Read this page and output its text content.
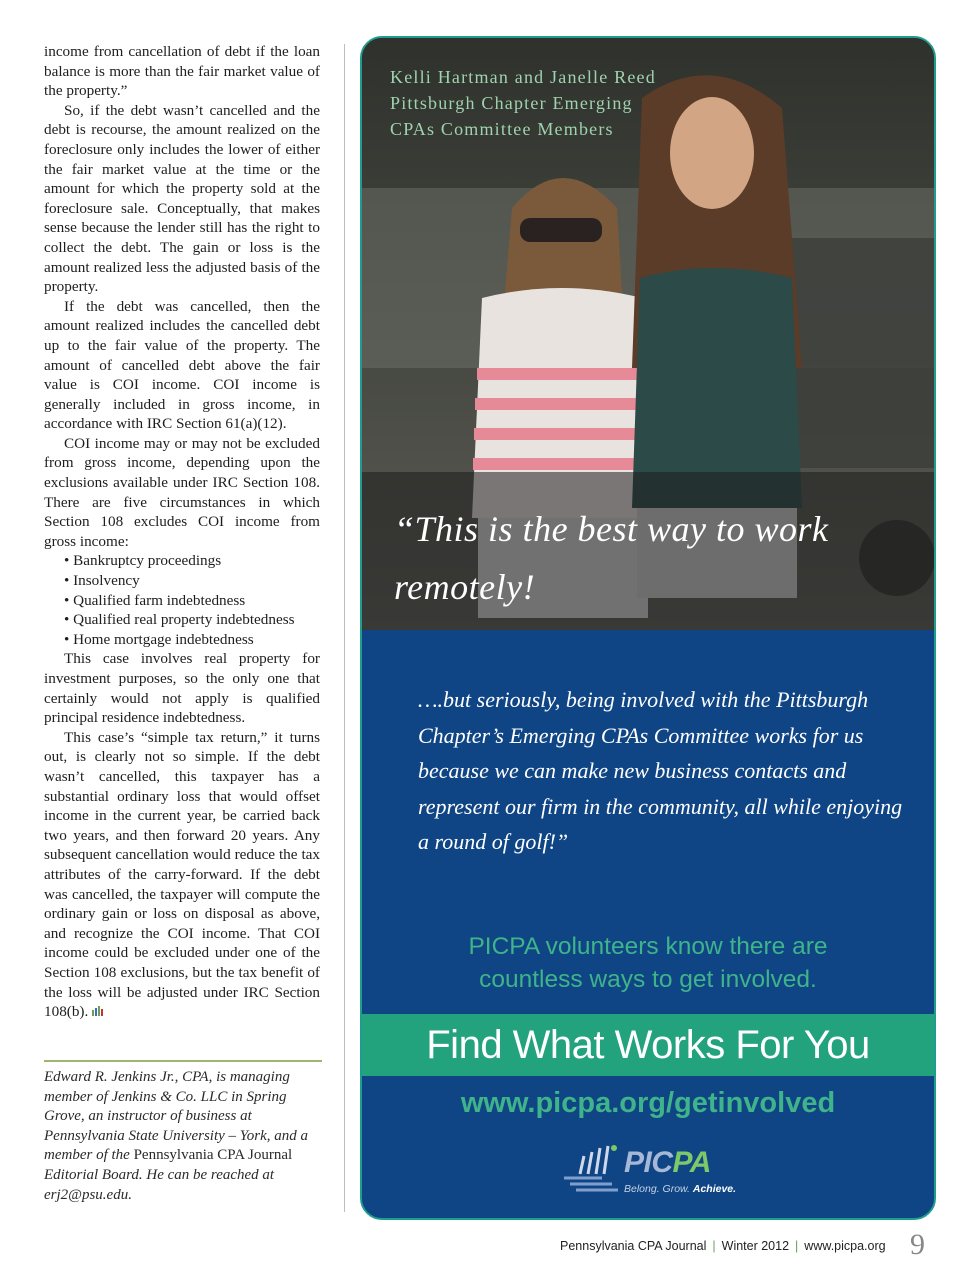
income from cancellation of debt if the loan balance is more than the fair market value of the property.”

So, if the debt wasn’t cancelled and the debt is recourse, the amount realized on the foreclosure only includes the lower of either the fair market value at the time or the amount for which the property sold at the foreclosure sale. Conceptually, that makes sense because the lender still has the right to collect the debt. The gain or loss is the amount realized less the adjusted basis of the property.

If the debt was cancelled, then the amount realized includes the cancelled debt up to the fair value of the property. The amount of cancelled debt above the fair value is COI income. COI income is generally included in gross income, in accordance with IRC Section 61(a)(12).

COI income may or may not be excluded from gross income, depending upon the exclusions available under IRC Section 108. There are five circumstances in which Section 108 excludes COI income from gross income:

• Bankruptcy proceedings
• Insolvency
• Qualified farm indebtedness
• Qualified real property indebtedness
• Home mortgage indebtedness

This case involves real property for investment purposes, so the only one that certainly would not apply is qualified principal residence indebtedness.

This case’s “simple tax return,” it turns out, is clearly not so simple. If the debt wasn’t cancelled, this taxpayer has a substantial ordinary loss that would offset income in the current year, be carried back two years, and then forward 20 years. Any subsequent cancellation would reduce the tax attributes of the carry-forward. If the debt was cancelled, the taxpayer will compute the ordinary gain or loss on disposal as above, and recognize the COI income. That COI income could be excluded under one of the Section 108 exclusions, but the tax benefit of the loss will be adjusted under IRC Section 108(b).

Edward R. Jenkins Jr., CPA, is managing member of Jenkins & Co. LLC in Spring Grove, an instructor of business at Pennsylvania State University – York, and a member of the Pennsylvania CPA Journal Editorial Board. He can be reached at erj2@psu.edu.
Kelli Hartman and Janelle Reed
Pittsburgh Chapter Emerging
CPAs Committee Members
“This is the best way to work remotely!
….but seriously, being involved with the Pittsburgh Chapter’s Emerging CPAs Committee works for us because we can make new business contacts and represent our firm in the community, all while enjoying a round of golf!”
PICPA volunteers know there are
countless ways to get involved.
Find What Works For You
www.picpa.org/getinvolved
PICPA
Belong. Grow. Achieve.
Pennsylvania CPA Journal | Winter 2012 | www.picpa.org 9
